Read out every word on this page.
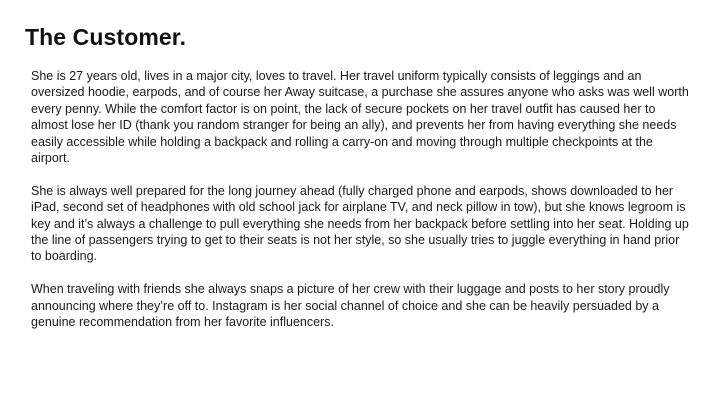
The Customer.

She is 27 years old, lives in a major city, loves to travel. Her travel uniform typically consists of leggings and an oversized hoodie, earpods, and of course her Away suitcase, a purchase she assures anyone who asks was well worth every penny. While the comfort factor is on point, the lack of secure pockets on her travel outfit has caused her to almost lose her ID (thank you random stranger for being an ally), and prevents her from having everything she needs easily accessible while holding a backpack and rolling a carry-on and moving through multiple checkpoints at the airport.

She is always well prepared for the long journey ahead (fully charged phone and earpods, shows downloaded to her iPad, second set of headphones with old school jack for airplane TV, and neck pillow in tow), but she knows legroom is key and it’s always a challenge to pull everything she needs from her backpack before settling into her seat. Holding up the line of passengers trying to get to their seats is not her style, so she usually tries to juggle everything in hand prior to boarding.

When traveling with friends she always snaps a picture of her crew with their luggage and posts to her story proudly announcing where they’re off to. Instagram is her social channel of choice and she can be heavily persuaded by a genuine recommendation from her favorite influencers.
